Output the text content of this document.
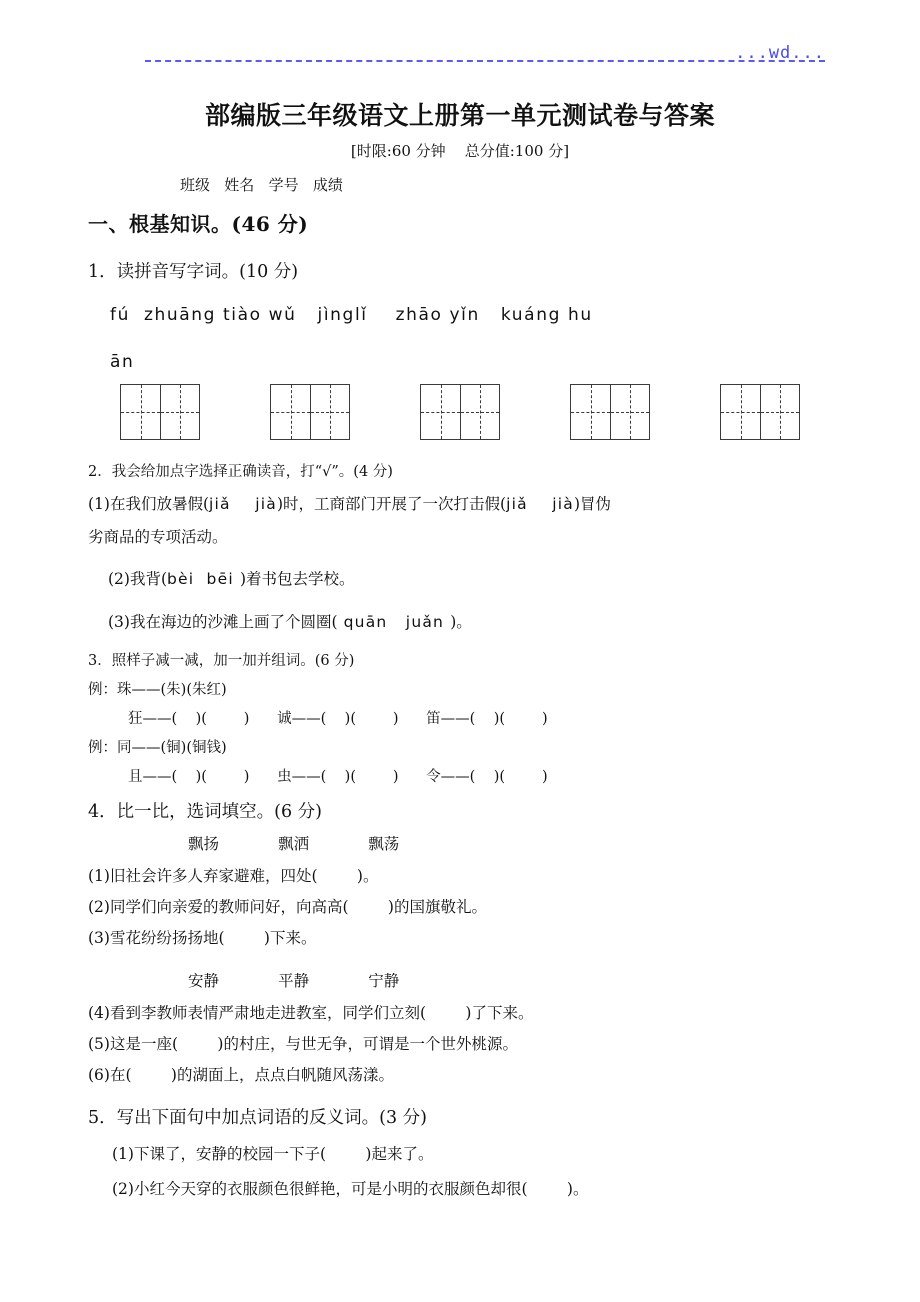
...wd...
部编版三年级语文上册第一单元测试卷与答案
[时限:60 分钟    总分值:100 分]
班级   姓名   学号   成绩
一、根基知识。(46 分)
1．读拼音写字词。(10 分)
fú  zhuāng tiào wǔ   jìnglǐ    zhāo yǐn   kuáng hu
ān
2．我会给加点字选择正确读音，打“√”。(4 分)
(1)在我们放暑假(jiǎ    jià)时，工商部门开展了一次打击假(jiǎ    jià)冒伪
劣商品的专项活动。
(2)我背(bèi  bēi )着书包去学校。
(3)我在海边的沙滩上画了个圆圈( quān   juǎn )。
3．照样子减一减，加一加并组词。(6 分)
例：珠——(朱)(朱红)
狂——(    )(        )      诚——(    )(        )      笛——(    )(        )
例：同——(铜)(铜钱)
且——(    )(        )      虫——(    )(        )      令——(    )(        )
4．比一比，选词填空。(6 分)
飘扬            飘洒            飘荡
(1)旧社会许多人弃家避难，四处(        )。
(2)同学们向亲爱的教师问好，向高高(        )的国旗敬礼。
(3)雪花纷纷扬扬地(        )下来。
安静            平静            宁静
(4)看到李教师表情严肃地走进教室，同学们立刻(        )了下来。
(5)这是一座(        )的村庄，与世无争，可谓是一个世外桃源。
(6)在(        )的湖面上，点点白帆随风荡漾。
5．写出下面句中加点词语的反义词。(3 分)
(1)下课了，安静的校园一下子(        )起来了。
(2)小红今天穿的衣服颜色很鲜艳，可是小明的衣服颜色却很(        )。
